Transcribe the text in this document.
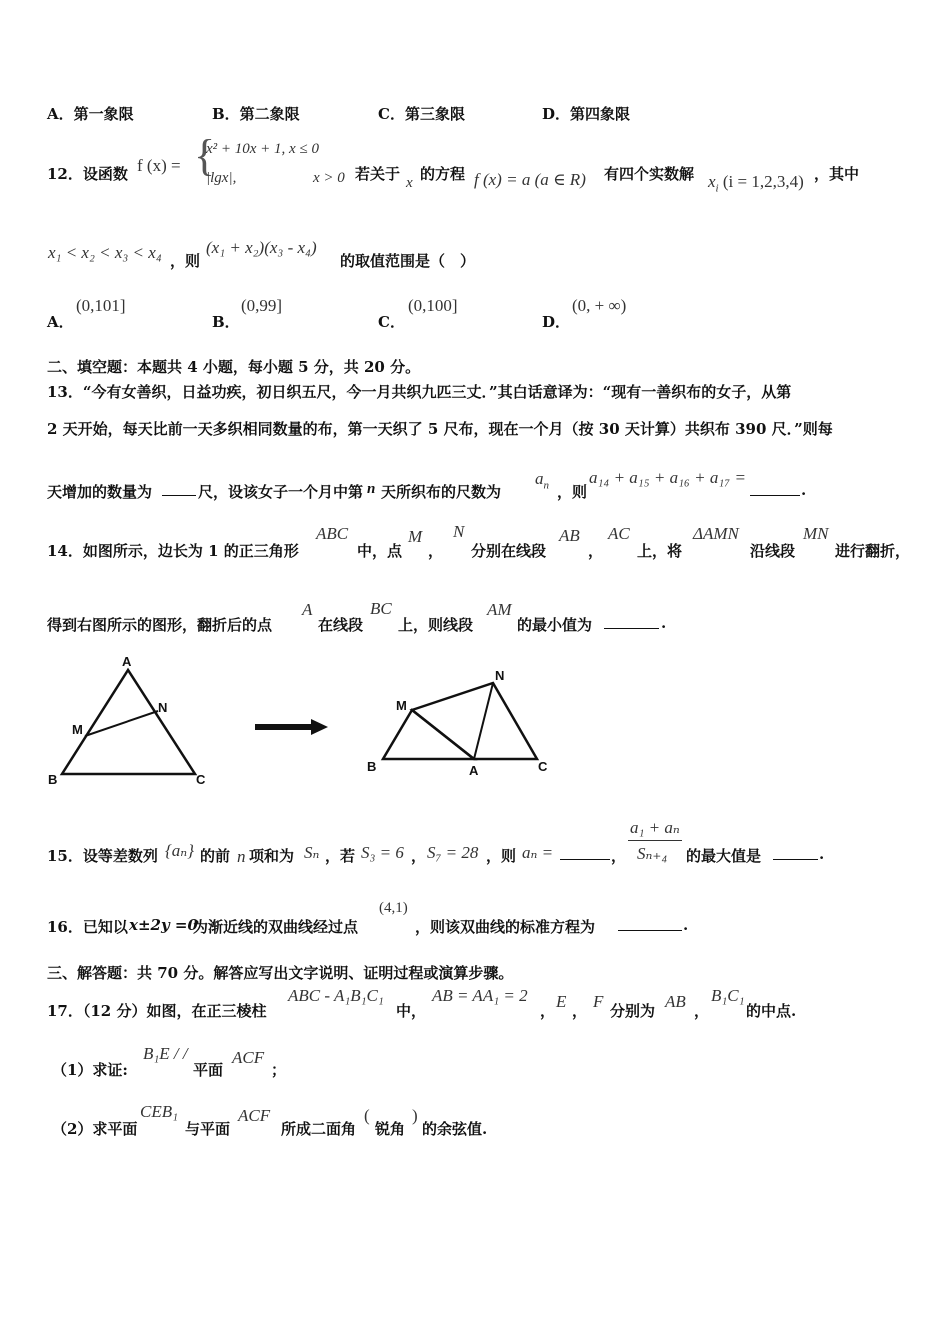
A．第一象限	B．第二象限	C．第三象限	D．第四象限
12．设函数 f (x) = {
x² + 10x + 1, x ≤ 0
|lgx|,	x > 0 若关于 x 的方程 f (x) = a (a ∈ R) 有四个实数解 $x_i$ (i = 1,2,3,4) ，其中
x₁ < x₂ < x₃ < x₄ ，则
(x₁ + x₂)(x₃ - x₄)
的取值范围是（　）
A．
(0,101]
B．
(0,99]
C．
(0,100]
D．
(0, + ∞)
二、填空题：本题共 4 小题，每小题 5 分，共 20 分。
13．“今有女善织，日益功疾，初日织五尺，今一月共织九匹三丈．”其白话意译为：“现有一善织布的女子，从第
2 天开始，每天比前一天多织相同数量的布，第一天织了 5 尺布，现在一个月（按 30 天计算）共织布 390 尺．”则每
天增加的数量为	尺，设该女子一个月中第 n 天所织布的尺数为
$a_n$ ，则
a₁₄ + a₁₅ + a₁₆ + a₁₇ =
.
14．如图所示，边长为 1 的正三角形
ABC
中，点
M
，
N
分别在线段
AB
，
AC
上，将
ΔAMN
沿线段
MN
进行翻折，
得到右图所示的图形，翻折后的点
A
在线段
BC
上，则线段
AM
的最小值为	.
A
B	C
M
N	M
N
B	A	C
15．设等差数列 {aₙ} 的前 n 项和为 Sₙ ，若 S₃ = 6 ， S₇ = 28 ，则 aₙ =	，
a₁ + aₙ
Sₙ₊₄ 的最大值是	.
16．已知以 x±2y =0
为渐近线的双曲线经过点
(4,1)
，则该双曲线的标准方程为	.
三、解答题：共 70 分。解答应写出文字说明、证明过程或演算步骤。
17．（12 分）如图，在正三棱柱
ABC - A₁B₁C₁
中，
AB = AA₁ = 2
， E ， F 分别为 AB ，
B₁C₁
的中点.
（1）求证:
B₁E / /
平面
ACF
；
（2）求平面
CEB₁
与平面
ACF
所成二面角
(
锐角
)
的余弦值.
